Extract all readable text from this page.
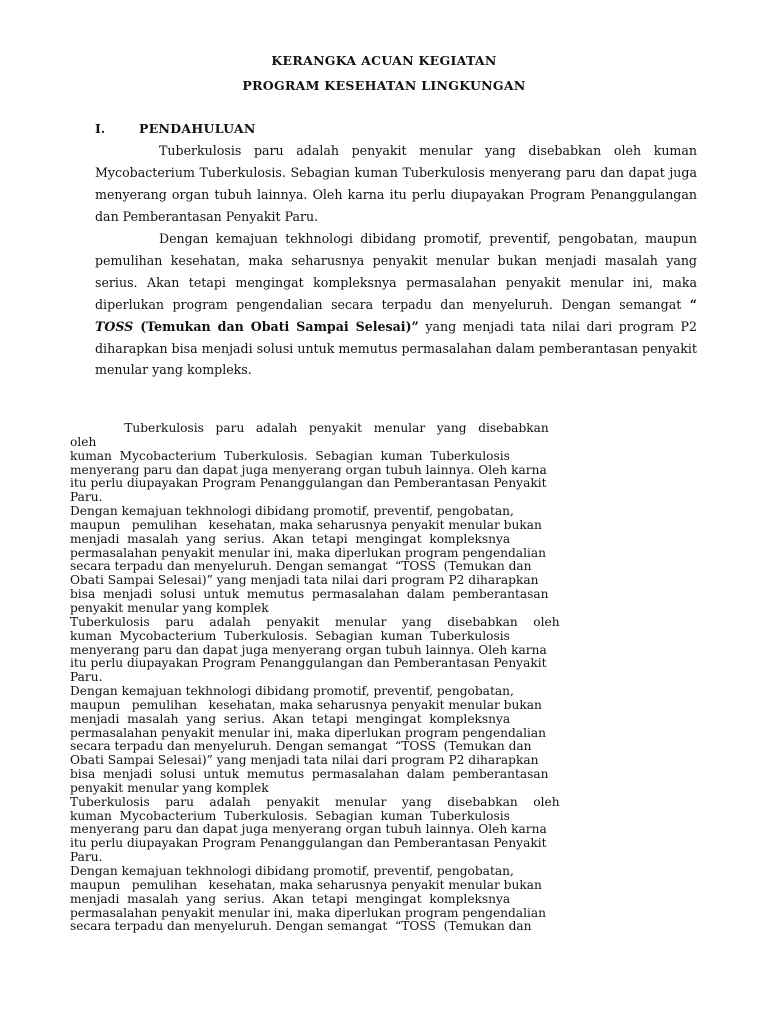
KERANGKA ACUAN KEGIATAN
PROGRAM KESEHATAN LINGKUNGAN
I.	PENDAHULUAN

Tuberkulosis paru adalah penyakit menular yang disebabkan oleh kuman Mycobacterium Tuberkulosis. Sebagian kuman Tuberkulosis menyerang paru dan dapat juga menyerang organ tubuh lainnya. Oleh karna itu perlu diupayakan Program Penanggulangan dan Pemberantasan Penyakit Paru.

Dengan kemajuan tekhnologi dibidang promotif, preventif, pengobatan, maupun pemulihan kesehatan, maka seharusnya penyakit menular bukan menjadi masalah yang serius. Akan tetapi mengingat kompleksnya permasalahan penyakit menular ini, maka diperlukan program pengendalian secara terpadu dan menyeluruh. Dengan semangat “ TOSS (Temukan dan Obati Sampai Selesai)” yang menjadi tata nilai dari program P2 diharapkan bisa menjadi solusi untuk memutus permasalahan dalam pemberantasan penyakit menular yang kompleks.

Tuberkulosis   paru   adalah   penyakit   menular   yang   disebabkan
oleh
kuman  Mycobacterium  Tuberkulosis.  Sebagian  kuman  Tuberkulosis
menyerang paru dan dapat juga menyerang organ tubuh lainnya. Oleh karna
itu perlu diupayakan Program Penanggulangan dan Pemberantasan Penyakit
Paru.
Dengan kemajuan tekhnologi dibidang promotif, preventif, pengobatan,
maupun   pemulihan   kesehatan, maka seharusnya penyakit menular bukan
menjadi  masalah  yang  serius.  Akan  tetapi  mengingat  kompleksnya
permasalahan penyakit menular ini, maka diperlukan program pengendalian
secara terpadu dan menyeluruh. Dengan semangat  “TOSS  (Temukan dan
Obati Sampai Selesai)” yang menjadi tata nilai dari program P2 diharapkan
bisa  menjadi  solusi  untuk  memutus  permasalahan  dalam  pemberantasan
penyakit menular yang komplek
Tuberkulosis    paru    adalah    penyakit    menular    yang    disebabkan    oleh
kuman  Mycobacterium  Tuberkulosis.  Sebagian  kuman  Tuberkulosis
menyerang paru dan dapat juga menyerang organ tubuh lainnya. Oleh karna
itu perlu diupayakan Program Penanggulangan dan Pemberantasan Penyakit
Paru.
Dengan kemajuan tekhnologi dibidang promotif, preventif, pengobatan,
maupun   pemulihan   kesehatan, maka seharusnya penyakit menular bukan
menjadi  masalah  yang  serius.  Akan  tetapi  mengingat  kompleksnya
permasalahan penyakit menular ini, maka diperlukan program pengendalian
secara terpadu dan menyeluruh. Dengan semangat  “TOSS  (Temukan dan
Obati Sampai Selesai)” yang menjadi tata nilai dari program P2 diharapkan
bisa  menjadi  solusi  untuk  memutus  permasalahan  dalam  pemberantasan
penyakit menular yang komplek
Tuberkulosis    paru    adalah    penyakit    menular    yang    disebabkan    oleh
kuman  Mycobacterium  Tuberkulosis.  Sebagian  kuman  Tuberkulosis
menyerang paru dan dapat juga menyerang organ tubuh lainnya. Oleh karna
itu perlu diupayakan Program Penanggulangan dan Pemberantasan Penyakit
Paru.
Dengan kemajuan tekhnologi dibidang promotif, preventif, pengobatan,
maupun   pemulihan   kesehatan, maka seharusnya penyakit menular bukan
menjadi  masalah  yang  serius.  Akan  tetapi  mengingat  kompleksnya
permasalahan penyakit menular ini, maka diperlukan program pengendalian
secara terpadu dan menyeluruh. Dengan semangat  “TOSS  (Temukan dan
